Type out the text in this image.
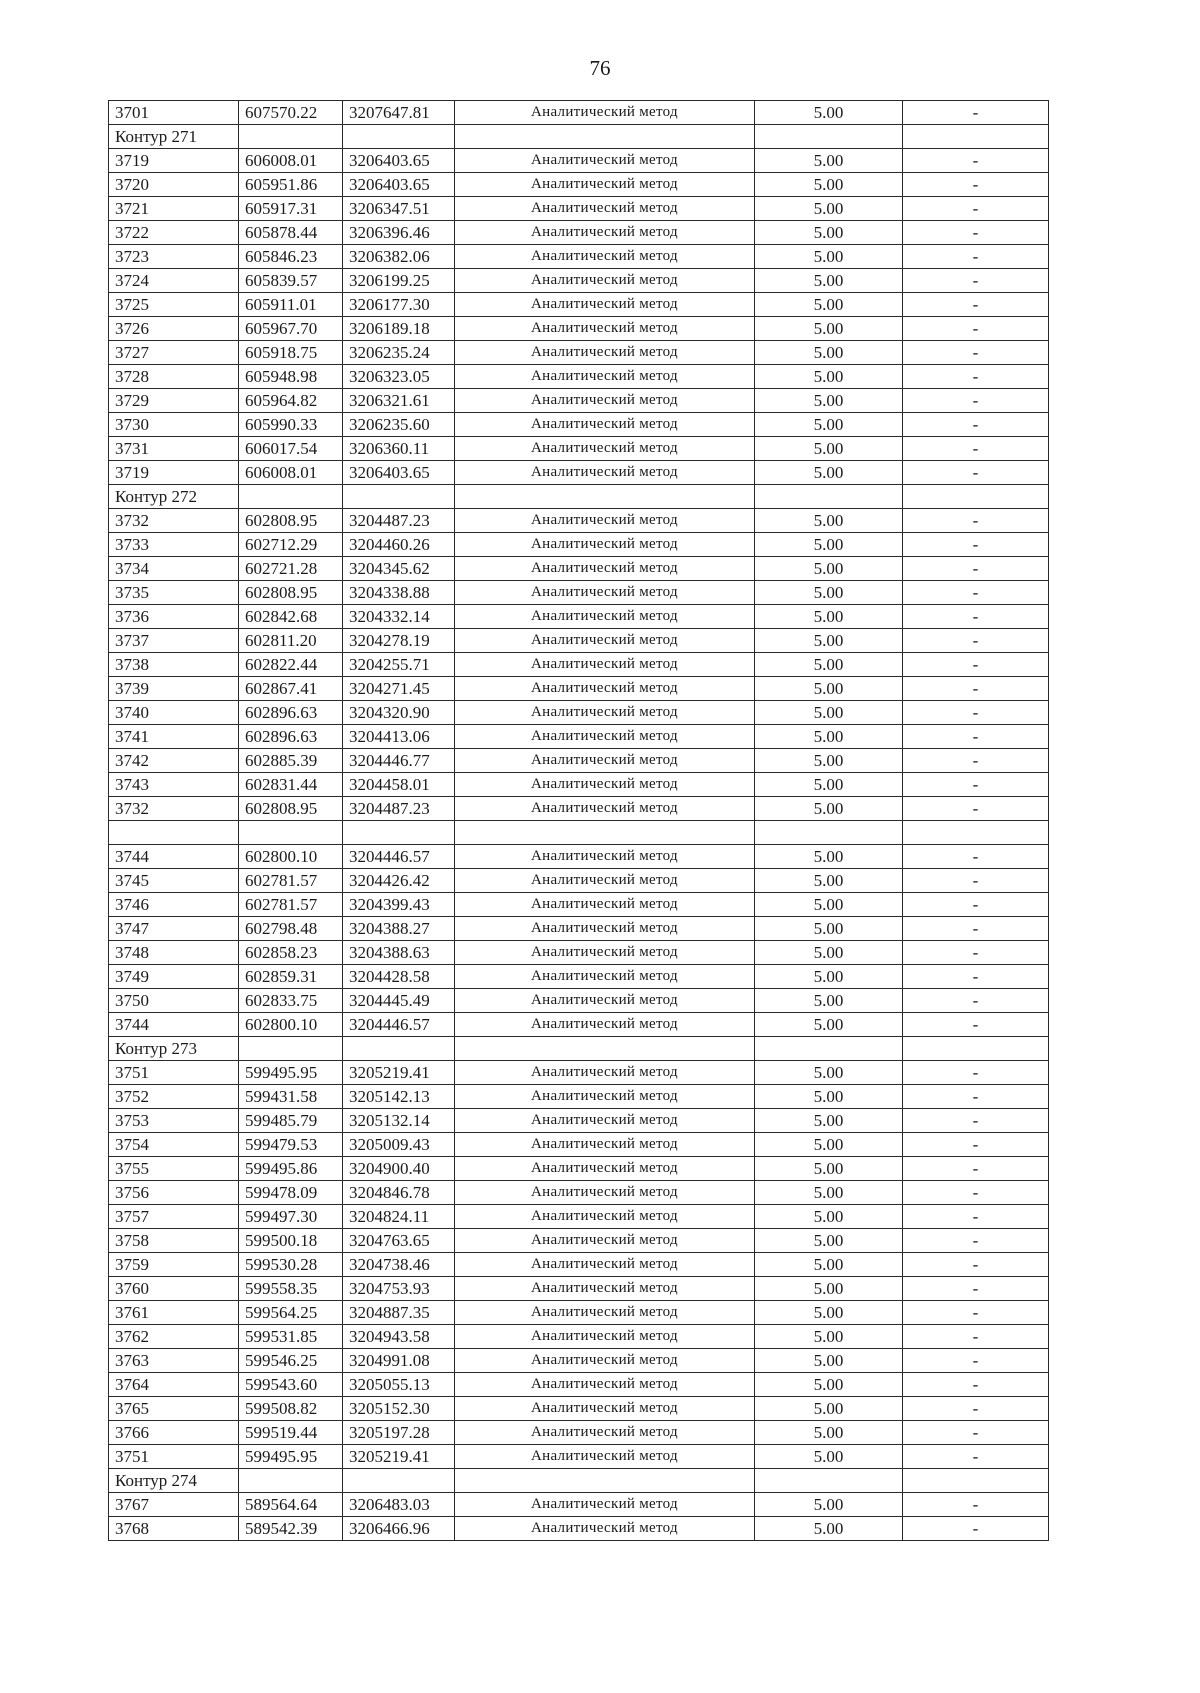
76
3701	607570.22	3207647.81	Аналитический метод	5.00	-
Контур 271					
3719	606008.01	3206403.65	Аналитический метод	5.00	-
3720	605951.86	3206403.65	Аналитический метод	5.00	-
3721	605917.31	3206347.51	Аналитический метод	5.00	-
3722	605878.44	3206396.46	Аналитический метод	5.00	-
3723	605846.23	3206382.06	Аналитический метод	5.00	-
3724	605839.57	3206199.25	Аналитический метод	5.00	-
3725	605911.01	3206177.30	Аналитический метод	5.00	-
3726	605967.70	3206189.18	Аналитический метод	5.00	-
3727	605918.75	3206235.24	Аналитический метод	5.00	-
3728	605948.98	3206323.05	Аналитический метод	5.00	-
3729	605964.82	3206321.61	Аналитический метод	5.00	-
3730	605990.33	3206235.60	Аналитический метод	5.00	-
3731	606017.54	3206360.11	Аналитический метод	5.00	-
3719	606008.01	3206403.65	Аналитический метод	5.00	-
Контур 272					
3732	602808.95	3204487.23	Аналитический метод	5.00	-
3733	602712.29	3204460.26	Аналитический метод	5.00	-
3734	602721.28	3204345.62	Аналитический метод	5.00	-
3735	602808.95	3204338.88	Аналитический метод	5.00	-
3736	602842.68	3204332.14	Аналитический метод	5.00	-
3737	602811.20	3204278.19	Аналитический метод	5.00	-
3738	602822.44	3204255.71	Аналитический метод	5.00	-
3739	602867.41	3204271.45	Аналитический метод	5.00	-
3740	602896.63	3204320.90	Аналитический метод	5.00	-
3741	602896.63	3204413.06	Аналитический метод	5.00	-
3742	602885.39	3204446.77	Аналитический метод	5.00	-
3743	602831.44	3204458.01	Аналитический метод	5.00	-
3732	602808.95	3204487.23	Аналитический метод	5.00	-

3744	602800.10	3204446.57	Аналитический метод	5.00	-
3745	602781.57	3204426.42	Аналитический метод	5.00	-
3746	602781.57	3204399.43	Аналитический метод	5.00	-
3747	602798.48	3204388.27	Аналитический метод	5.00	-
3748	602858.23	3204388.63	Аналитический метод	5.00	-
3749	602859.31	3204428.58	Аналитический метод	5.00	-
3750	602833.75	3204445.49	Аналитический метод	5.00	-
3744	602800.10	3204446.57	Аналитический метод	5.00	-
Контур 273					
3751	599495.95	3205219.41	Аналитический метод	5.00	-
3752	599431.58	3205142.13	Аналитический метод	5.00	-
3753	599485.79	3205132.14	Аналитический метод	5.00	-
3754	599479.53	3205009.43	Аналитический метод	5.00	-
3755	599495.86	3204900.40	Аналитический метод	5.00	-
3756	599478.09	3204846.78	Аналитический метод	5.00	-
3757	599497.30	3204824.11	Аналитический метод	5.00	-
3758	599500.18	3204763.65	Аналитический метод	5.00	-
3759	599530.28	3204738.46	Аналитический метод	5.00	-
3760	599558.35	3204753.93	Аналитический метод	5.00	-
3761	599564.25	3204887.35	Аналитический метод	5.00	-
3762	599531.85	3204943.58	Аналитический метод	5.00	-
3763	599546.25	3204991.08	Аналитический метод	5.00	-
3764	599543.60	3205055.13	Аналитический метод	5.00	-
3765	599508.82	3205152.30	Аналитический метод	5.00	-
3766	599519.44	3205197.28	Аналитический метод	5.00	-
3751	599495.95	3205219.41	Аналитический метод	5.00	-
Контур 274					
3767	589564.64	3206483.03	Аналитический метод	5.00	-
3768	589542.39	3206466.96	Аналитический метод	5.00	-
